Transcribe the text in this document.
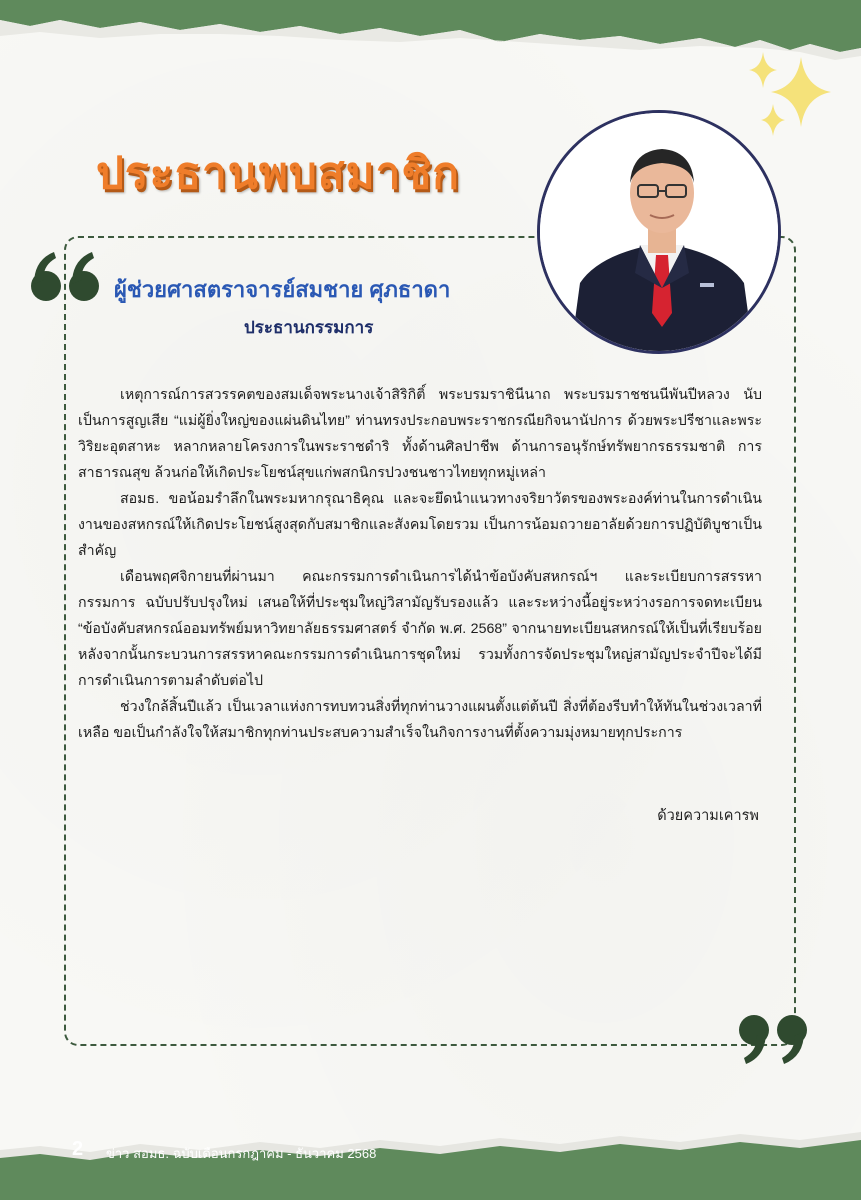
ประธานพบสมาชิก
ผู้ช่วยศาสตราจารย์สมชาย ศุภธาดา
ประธานกรรมการ

เหตุการณ์การสวรรคตของสมเด็จพระนางเจ้าสิริกิติ์ พระบรมราชินีนาถ พระบรมราชชนนีพันปีหลวง นับเป็นการสูญเสีย “แม่ผู้ยิ่งใหญ่ของแผ่นดินไทย” ท่านทรงประกอบพระราชกรณียกิจนานัปการ ด้วยพระปรีชาและพระวิริยะอุตสาหะ หลากหลายโครงการในพระราชดำริ ทั้งด้านศิลปาชีพ ด้านการอนุรักษ์ทรัพยากรธรรมชาติ การสาธารณสุข ล้วนก่อให้เกิดประโยชน์สุขแก่พสกนิกรปวงชนชาวไทยทุกหมู่เหล่า

สอมธ. ขอน้อมรำลึกในพระมหากรุณาธิคุณ และจะยึดนำแนวทางจริยาวัตรของพระองค์ท่านในการดำเนินงานของสหกรณ์ให้เกิดประโยชน์สูงสุดกับสมาชิกและสังคมโดยรวม เป็นการน้อมถวายอาลัยด้วยการปฏิบัติบูชาเป็นสำคัญ

เดือนพฤศจิกายนที่ผ่านมา คณะกรรมการดำเนินการได้นำข้อบังคับสหกรณ์ฯ และระเบียบการสรรหากรรมการ ฉบับปรับปรุงใหม่ เสนอให้ที่ประชุมใหญ่วิสามัญรับรองแล้ว และระหว่างนี้อยู่ระหว่างรอการจดทะเบียน “ข้อบังคับสหกรณ์ออมทรัพย์มหาวิทยาลัยธรรมศาสตร์ จำกัด พ.ศ. 2568” จากนายทะเบียนสหกรณ์ให้เป็นที่เรียบร้อย หลังจากนั้นกระบวนการสรรหาคณะกรรมการดำเนินการชุดใหม่ รวมทั้งการจัดประชุมใหญ่สามัญประจำปีจะได้มีการดำเนินการตามลำดับต่อไป

ช่วงใกล้สิ้นปีแล้ว เป็นเวลาแห่งการทบทวนสิ่งที่ทุกท่านวางแผนตั้งแต่ต้นปี สิ่งที่ต้องรีบทำให้ทันในช่วงเวลาที่เหลือ ขอเป็นกำลังใจให้สมาชิกทุกท่านประสบความสำเร็จในกิจการงานที่ตั้งความมุ่งหมายทุกประการ

ด้วยความเคารพ
2 ข่าว สอมธ. ฉบับเดือนกรกฎาคม - ธันวาคม 2568
